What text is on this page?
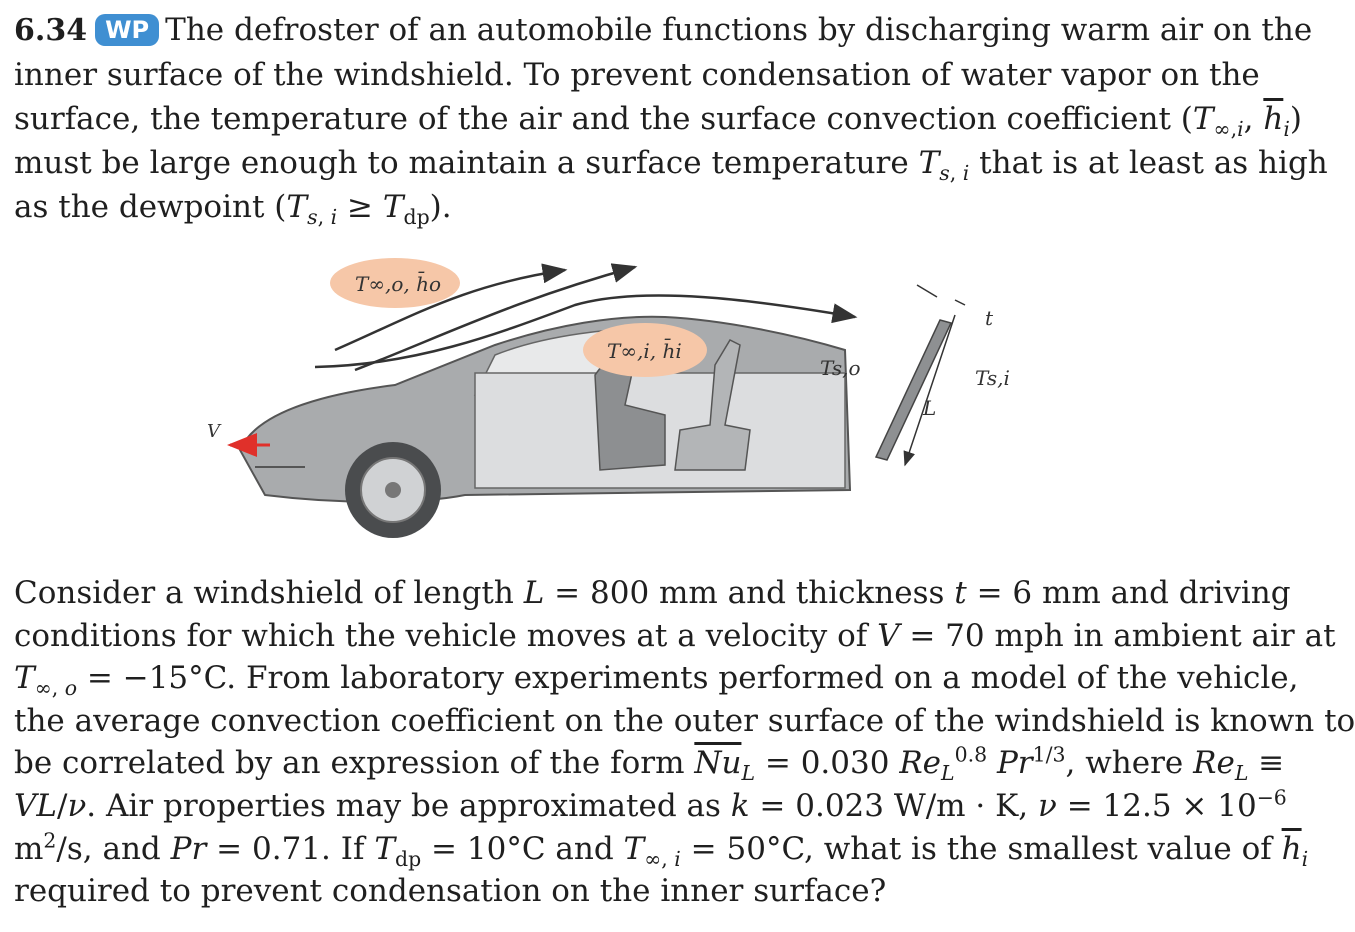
6.34 WP The defroster of an automobile functions by discharging warm air on the
inner surface of the windshield. To prevent condensation of water vapor on the
surface, the temperature of the air and the surface convection coefficient ($T_{\infty,i}$, $\overline{h}_i$)
must be large enough to maintain a surface temperature $T_{s, i}$ that is at least as high
as the dewpoint $(T_{s, i} \ge T_{dp})$.
V
T∞,o, h̄o
T∞,i, h̄i
Ts,o	Ts,i
L
t
Consider a windshield of length L = 800 mm and thickness t = 6 mm and driving
conditions for which the vehicle moves at a velocity of V = 70 mph in ambient air at
$T_{\infty, o} = -15^\circ C$. From laboratory experiments performed on a model of the vehicle,
the average convection coefficient on the outer surface of the windshield is known to
be correlated by an expression of the form $\overline{Nu}_L = 0.030$ $Re_L^{0.8}$ $Pr^{1/3}$, where $Re_L$ ≡
VL/ν. Air properties may be approximated as k = 0.023 W/m · K, $\nu = 12.5 \times 10^{-6}$
$m^2/s$, and Pr = 0.71. If $T_{dp} = 10^\circ C$ and $T_{\infty, i} = 50^\circ C$, what is the smallest value of $\overline{h}_i$
required to prevent condensation on the inner surface?
